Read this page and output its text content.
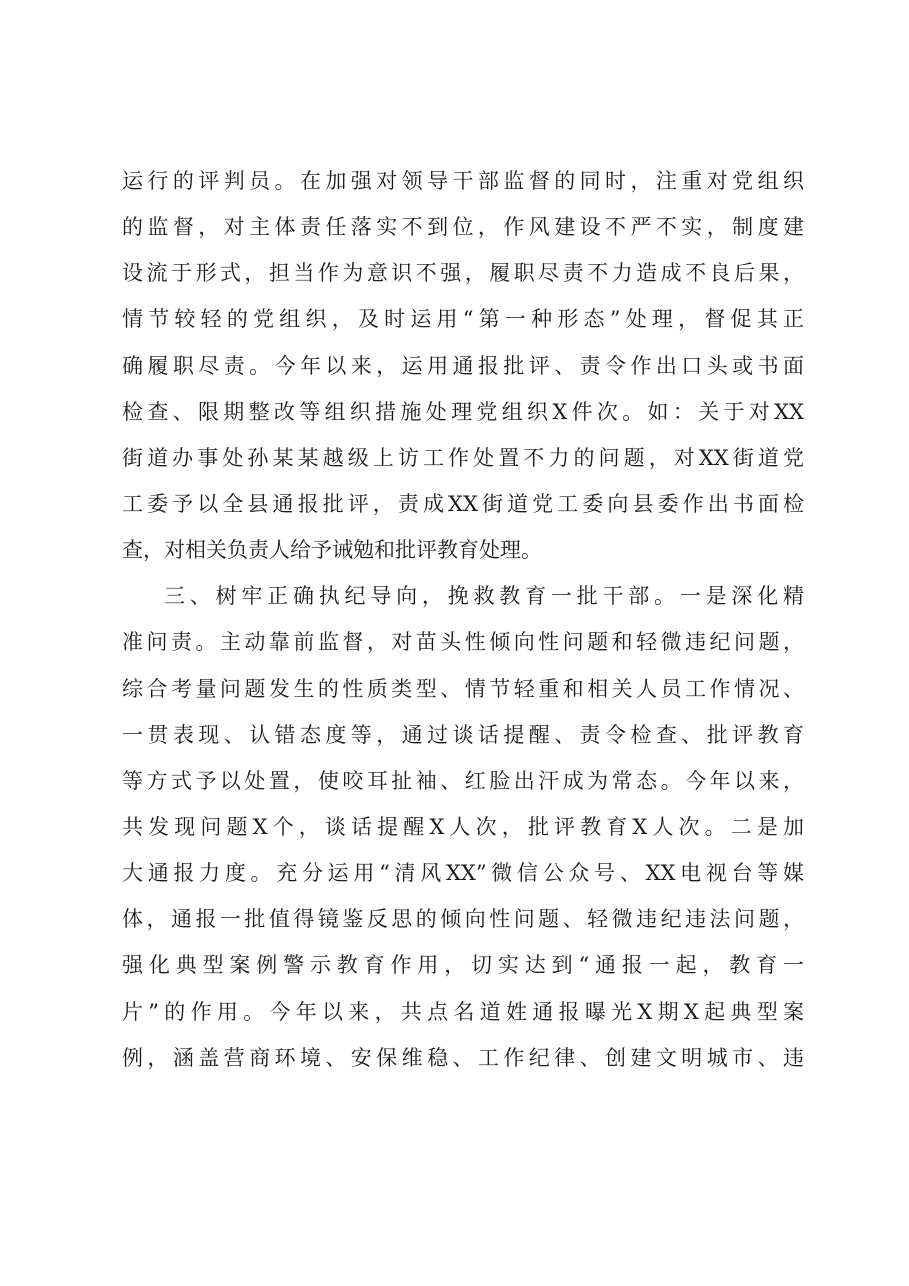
运行的评判员。在加强对领导干部监督的同时，注重对党组织
的监督，对主体责任落实不到位，作风建设不严不实，制度建
设流于形式，担当作为意识不强，履职尽责不力造成不良后果，
情节较轻的党组织，及时运用“第一种形态”处理，督促其正
确履职尽责。今年以来，运用通报批评、责令作出口头或书面
检查、限期整改等组织措施处理党组织X件次。如：关于对XX
街道办事处孙某某越级上访工作处置不力的问题，对XX街道党
工委予以全县通报批评，责成XX街道党工委向县委作出书面检
查，对相关负责人给予诫勉和批评教育处理。
三、树牢正确执纪导向，挽救教育一批干部。一是深化精
准问责。主动靠前监督，对苗头性倾向性问题和轻微违纪问题，
综合考量问题发生的性质类型、情节轻重和相关人员工作情况、
一贯表现、认错态度等，通过谈话提醒、责令检查、批评教育
等方式予以处置，使咬耳扯袖、红脸出汗成为常态。今年以来，
共发现问题X个，谈话提醒X人次，批评教育X人次。二是加
大通报力度。充分运用“清风XX”微信公众号、XX电视台等媒
体，通报一批值得镜鉴反思的倾向性问题、轻微违纪违法问题，
强化典型案例警示教育作用，切实达到“通报一起，教育一
片”的作用。今年以来，共点名道姓通报曝光X期X起典型案
例，涵盖营商环境、安保维稳、工作纪律、创建文明城市、违
